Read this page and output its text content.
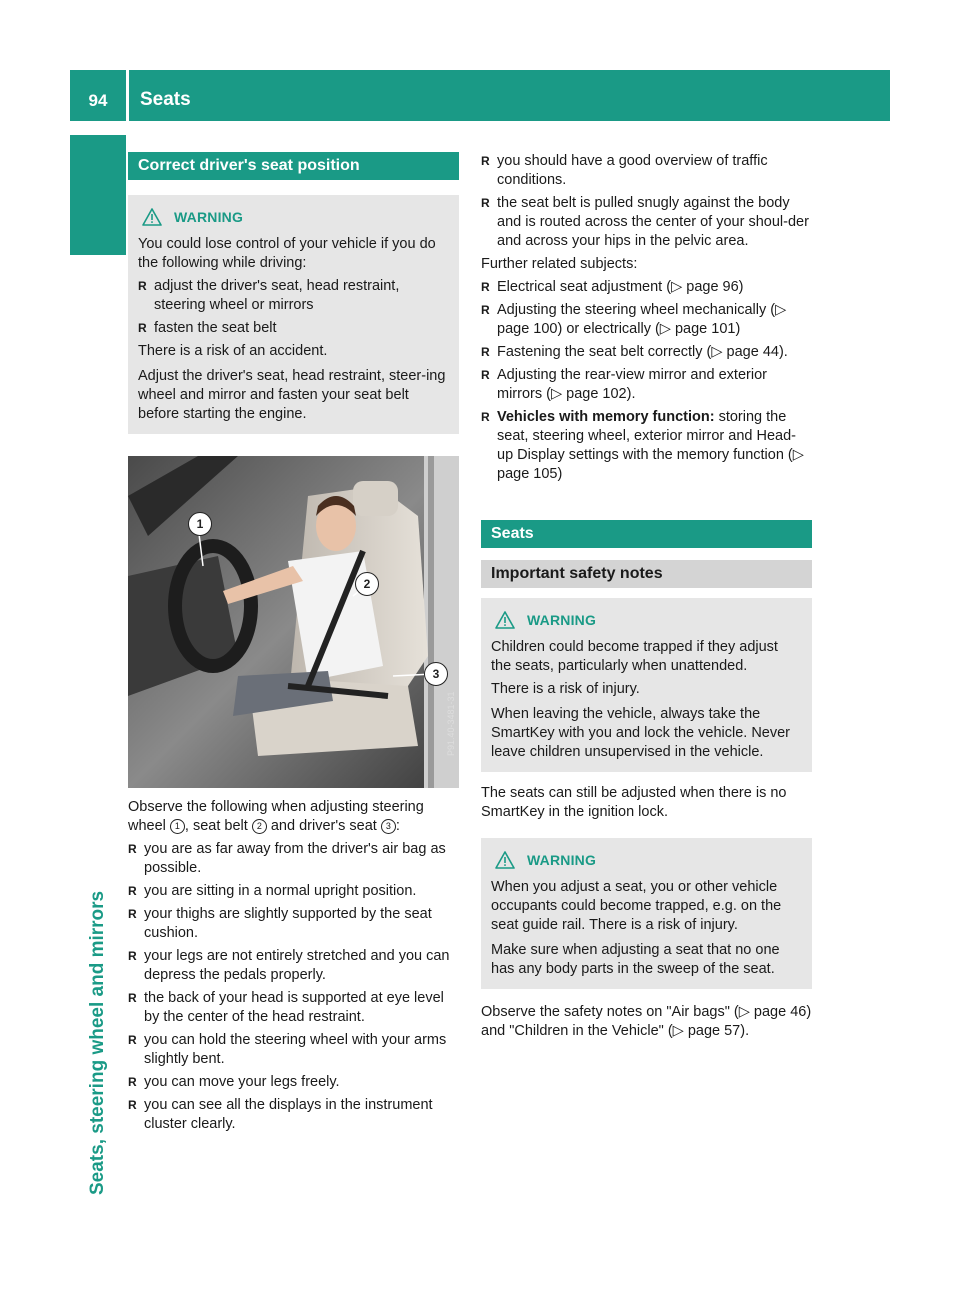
94	Seats
Seats, steering wheel and mirrors
Correct driver's seat position
WARNING

You could lose control of your vehicle if you do the following while driving:

R adjust the driver's seat, head restraint, steering wheel or mirrors
R fasten the seat belt

There is a risk of an accident.

Adjust the driver's seat, head restraint, steer-ing wheel and mirror and fasten your seat belt before starting the engine.

P91.40-3481-31
1
2
3

Observe the following when adjusting steering wheel 1 , seat belt 2 and driver's seat 3 :

R you are as far away from the driver's air bag as possible.
R you are sitting in a normal upright position.
R your thighs are slightly supported by the seat cushion.
R your legs are not entirely stretched and you can depress the pedals properly.
R the back of your head is supported at eye level by the center of the head restraint.
R you can hold the steering wheel with your arms slightly bent.
R you can move your legs freely.
R you can see all the displays in the instrument cluster clearly.
R you should have a good overview of traffic conditions.
R the seat belt is pulled snugly against the body and is routed across the center of your shoul-der and across your hips in the pelvic area.

Further related subjects:

R Electrical seat adjustment (▷ page 96)
R Adjusting the steering wheel mechanically (▷ page 100) or electrically (▷ page 101)
R Fastening the seat belt correctly (▷ page 44).
R Adjusting the rear-view mirror and exterior mirrors (▷ page 102).
R Vehicles with memory function: storing the seat, steering wheel, exterior mirror and Head-up Display settings with the memory function (▷ page 105)
Seats
Important safety notes
WARNING

Children could become trapped if they adjust the seats, particularly when unattended.

There is a risk of injury.

When leaving the vehicle, always take the SmartKey with you and lock the vehicle. Never leave children unsupervised in the vehicle.

The seats can still be adjusted when there is no SmartKey in the ignition lock.

WARNING

When you adjust a seat, you or other vehicle occupants could become trapped, e.g. on the seat guide rail. There is a risk of injury.

Make sure when adjusting a seat that no one has any body parts in the sweep of the seat.

Observe the safety notes on "Air bags" (▷ page 46) and "Children in the Vehicle" (▷ page 57).
